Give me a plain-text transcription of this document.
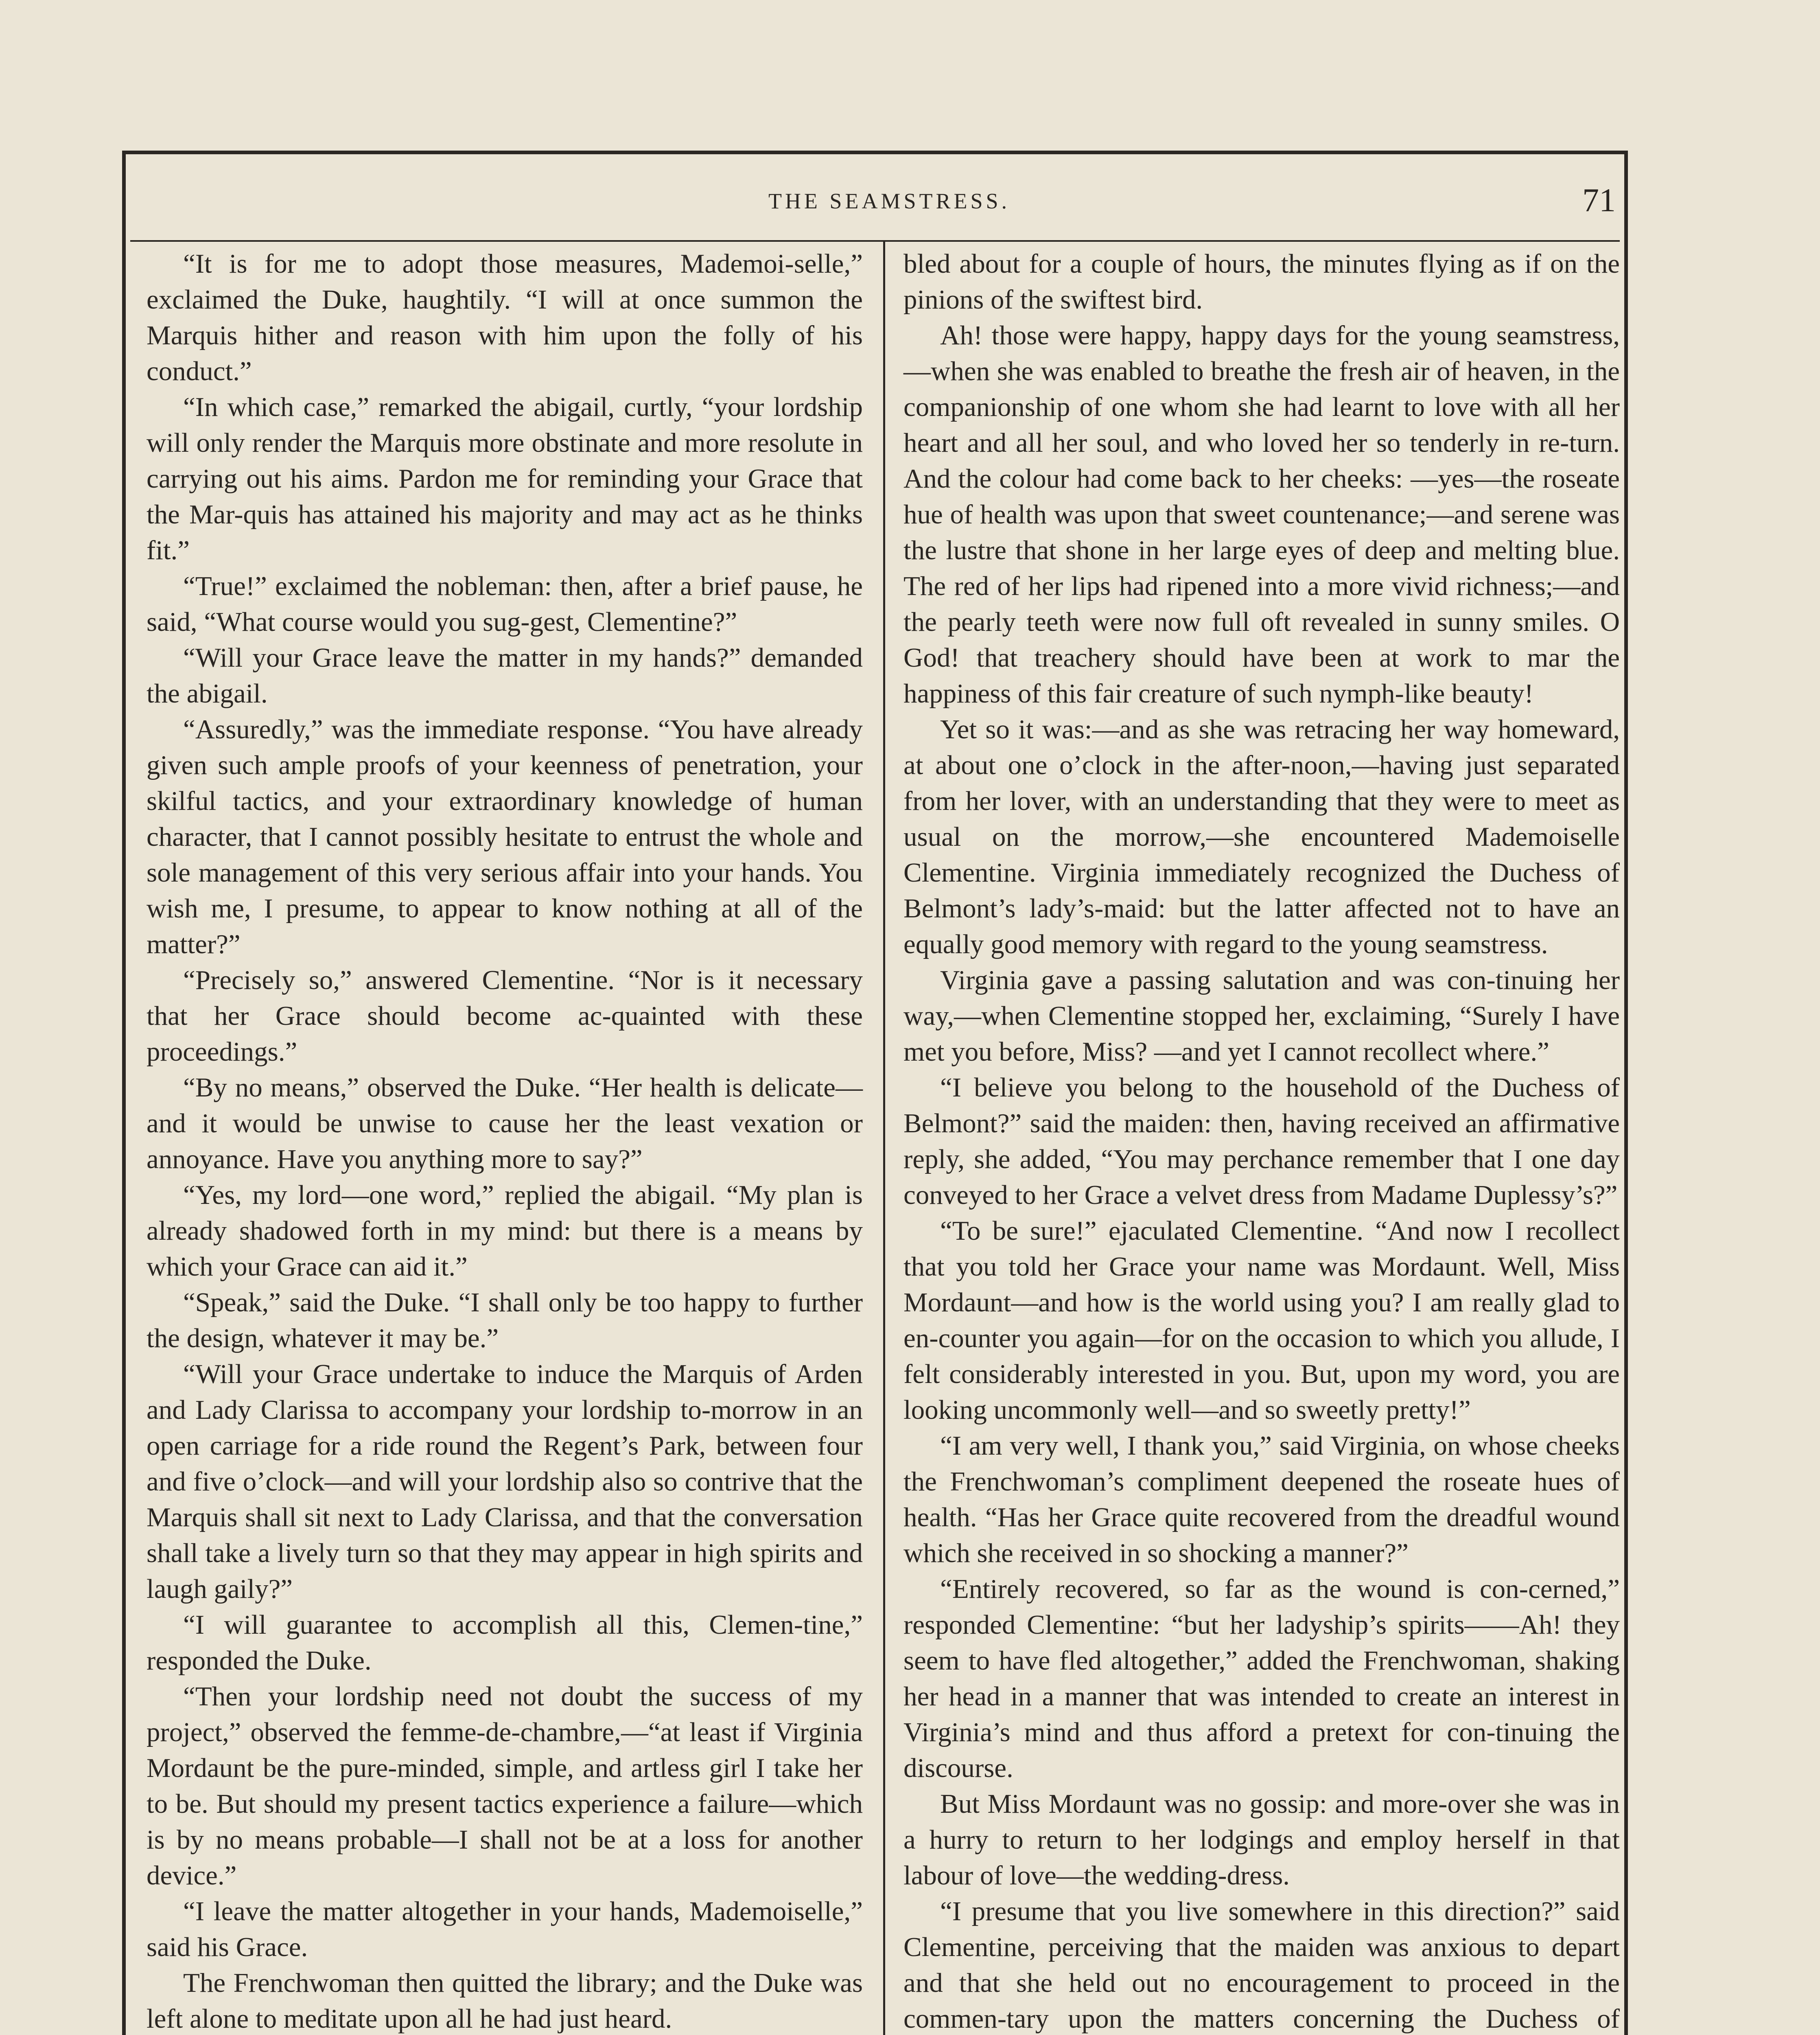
THE SEAMSTRESS.	71

“It is for me to adopt those measures, Mademoi-selle,” exclaimed the Duke, haughtily. “I will at once summon the Marquis hither and reason with him upon the folly of his conduct.”

“In which case,” remarked the abigail, curtly, “your lordship will only render the Marquis more obstinate and more resolute in carrying out his aims. Pardon me for reminding your Grace that the Mar-quis has attained his majority and may act as he thinks fit.”

“True!” exclaimed the nobleman: then, after a brief pause, he said, “What course would you sug-gest, Clementine?”

“Will your Grace leave the matter in my hands?” demanded the abigail.

“Assuredly,” was the immediate response. “You have already given such ample proofs of your keenness of penetration, your skilful tactics, and your extraordinary knowledge of human character, that I cannot possibly hesitate to entrust the whole and sole management of this very serious affair into your hands. You wish me, I presume, to appear to know nothing at all of the matter?”

“Precisely so,” answered Clementine. “Nor is it necessary that her Grace should become ac-quainted with these proceedings.”

“By no means,” observed the Duke. “Her health is delicate—and it would be unwise to cause her the least vexation or annoyance. Have you anything more to say?”

“Yes, my lord—one word,” replied the abigail. “My plan is already shadowed forth in my mind: but there is a means by which your Grace can aid it.”

“Speak,” said the Duke. “I shall only be too happy to further the design, whatever it may be.”

“Will your Grace undertake to induce the Marquis of Arden and Lady Clarissa to accompany your lordship to-morrow in an open carriage for a ride round the Regent’s Park, between four and five o’clock—and will your lordship also so contrive that the Marquis shall sit next to Lady Clarissa, and that the conversation shall take a lively turn so that they may appear in high spirits and laugh gaily?”

“I will guarantee to accomplish all this, Clemen-tine,” responded the Duke.

“Then your lordship need not doubt the success of my project,” observed the femme-de-chambre,—“at least if Virginia Mordaunt be the pure-minded, simple, and artless girl I take her to be. But should my present tactics experience a failure—which is by no means probable—I shall not be at a loss for another device.”

“I leave the matter altogether in your hands, Mademoiselle,” said his Grace.

The Frenchwoman then quitted the library; and the Duke was left alone to meditate upon all he had just heard.

bled about for a couple of hours, the minutes flying as if on the pinions of the swiftest bird.

Ah! those were happy, happy days for the young seamstress,—when she was enabled to breathe the fresh air of heaven, in the companionship of one whom she had learnt to love with all her heart and all her soul, and who loved her so tenderly in re-turn. And the colour had come back to her cheeks: —yes—the roseate hue of health was upon that sweet countenance;—and serene was the lustre that shone in her large eyes of deep and melting blue. The red of her lips had ripened into a more vivid richness;—and the pearly teeth were now full oft revealed in sunny smiles. O God! that treachery should have been at work to mar the happiness of this fair creature of such nymph-like beauty!

Yet so it was:—and as she was retracing her way homeward, at about one o’clock in the after-noon,—having just separated from her lover, with an understanding that they were to meet as usual on the morrow,—she encountered Mademoiselle Clementine. Virginia immediately recognized the Duchess of Belmont’s lady’s-maid: but the latter affected not to have an equally good memory with regard to the young seamstress.

Virginia gave a passing salutation and was con-tinuing her way,—when Clementine stopped her, exclaiming, “Surely I have met you before, Miss? —and yet I cannot recollect where.”

“I believe you belong to the household of the Duchess of Belmont?” said the maiden: then, having received an affirmative reply, she added, “You may perchance remember that I one day conveyed to her Grace a velvet dress from Madame Duplessy’s?”

“To be sure!” ejaculated Clementine. “And now I recollect that you told her Grace your name was Mordaunt. Well, Miss Mordaunt—and how is the world using you? I am really glad to en-counter you again—for on the occasion to which you allude, I felt considerably interested in you. But, upon my word, you are looking uncommonly well—and so sweetly pretty!”

“I am very well, I thank you,” said Virginia, on whose cheeks the Frenchwoman’s compliment deepened the roseate hues of health. “Has her Grace quite recovered from the dreadful wound which she received in so shocking a manner?”

“Entirely recovered, so far as the wound is con-cerned,” responded Clementine: “but her ladyship’s spirits——Ah! they seem to have fled altogether,” added the Frenchwoman, shaking her head in a manner that was intended to create an interest in Virginia’s mind and thus afford a pretext for con-tinuing the discourse.

But Miss Mordaunt was no gossip: and more-over she was in a hurry to return to her lodgings and employ herself in that labour of love—the wedding-dress.

“I presume that you live somewhere in this direction?” said Clementine, perceiving that the maiden was anxious to depart and that she held out no encouragement to proceed in the commen-tary upon the matters concerning the Duchess of
